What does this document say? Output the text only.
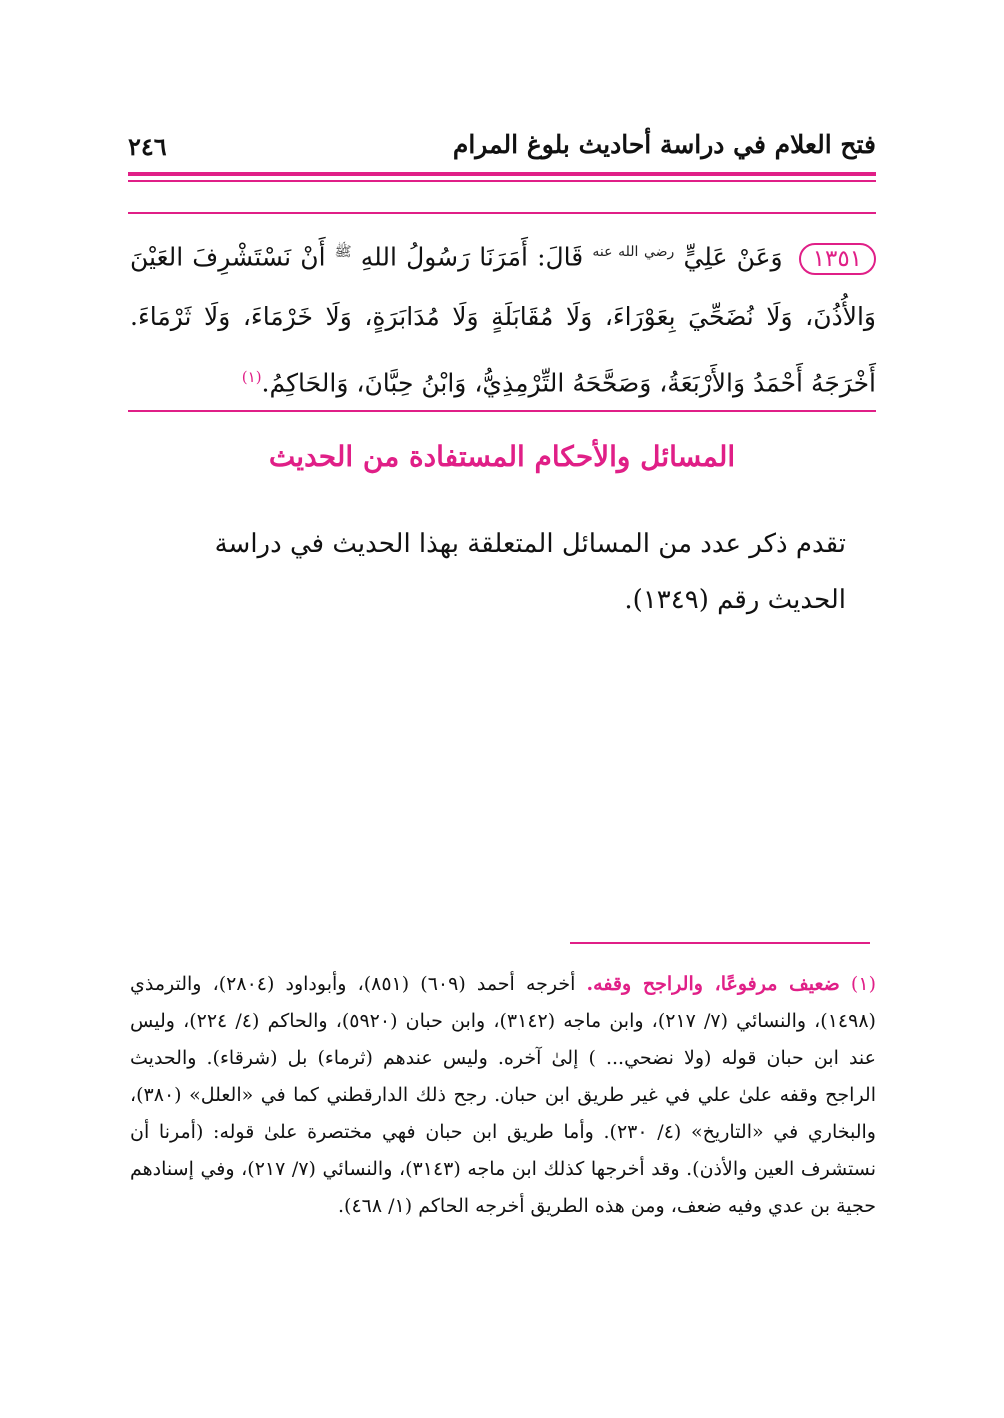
٢٤٦	فتح العلام في دراسة أحاديث بلوغ المرام
١٣٥١وَعَنْ عَلِيٍّ $^{رضي الله عنه}$ قَالَ: أَمَرَنَا رَسُولُ اللهِ $^ﷺ$ أَنْ نَسْتَشْرِفَ العَيْنَ وَالأُذُنَ، وَلَا نُضَحِّيَ بِعَوْرَاءَ، وَلَا مُقَابَلَةٍ وَلَا مُدَابَرَةٍ، وَلَا خَرْمَاءَ، وَلَا ثَرْمَاءَ. أَخْرَجَهُ أَحْمَدُ وَالأَرْبَعَةُ، وَصَحَّحَهُ التِّرْمِذِيُّ، وَابْنُ حِبَّانَ، وَالحَاكِمُ.$^{(١)}$
المسائل والأحكام المستفادة من الحديث
تقدم ذكر عدد من المسائل المتعلقة بهذا الحديث في دراسة الحديث رقم (١٣٤٩).
(١) ضعيف مرفوعًا، والراجح وقفه. أخرجه أحمد (٦٠٩) (٨٥١)، وأبوداود (٢٨٠٤)، والترمذي (١٤٩٨)، والنسائي (٧/ ٢١٧)، وابن ماجه (٣١٤٢)، وابن حبان (٥٩٢٠)، والحاكم (٤/ ٢٢٤)، وليس عند ابن حبان قوله (ولا نضحي... ) إلىٰ آخره. وليس عندهم (ثرماء) بل (شرقاء). والحديث الراجح وقفه علىٰ علي في غير طريق ابن حبان. رجح ذلك الدارقطني كما في «العلل» (٣٨٠)، والبخاري في «التاريخ» (٤/ ٢٣٠). وأما طريق ابن حبان فهي مختصرة علىٰ قوله: (أمرنا أن نستشرف العين والأذن). وقد أخرجها كذلك ابن ماجه (٣١٤٣)، والنسائي (٧/ ٢١٧)، وفي إسنادهم حجية بن عدي وفيه ضعف، ومن هذه الطريق أخرجه الحاكم (١/ ٤٦٨).
